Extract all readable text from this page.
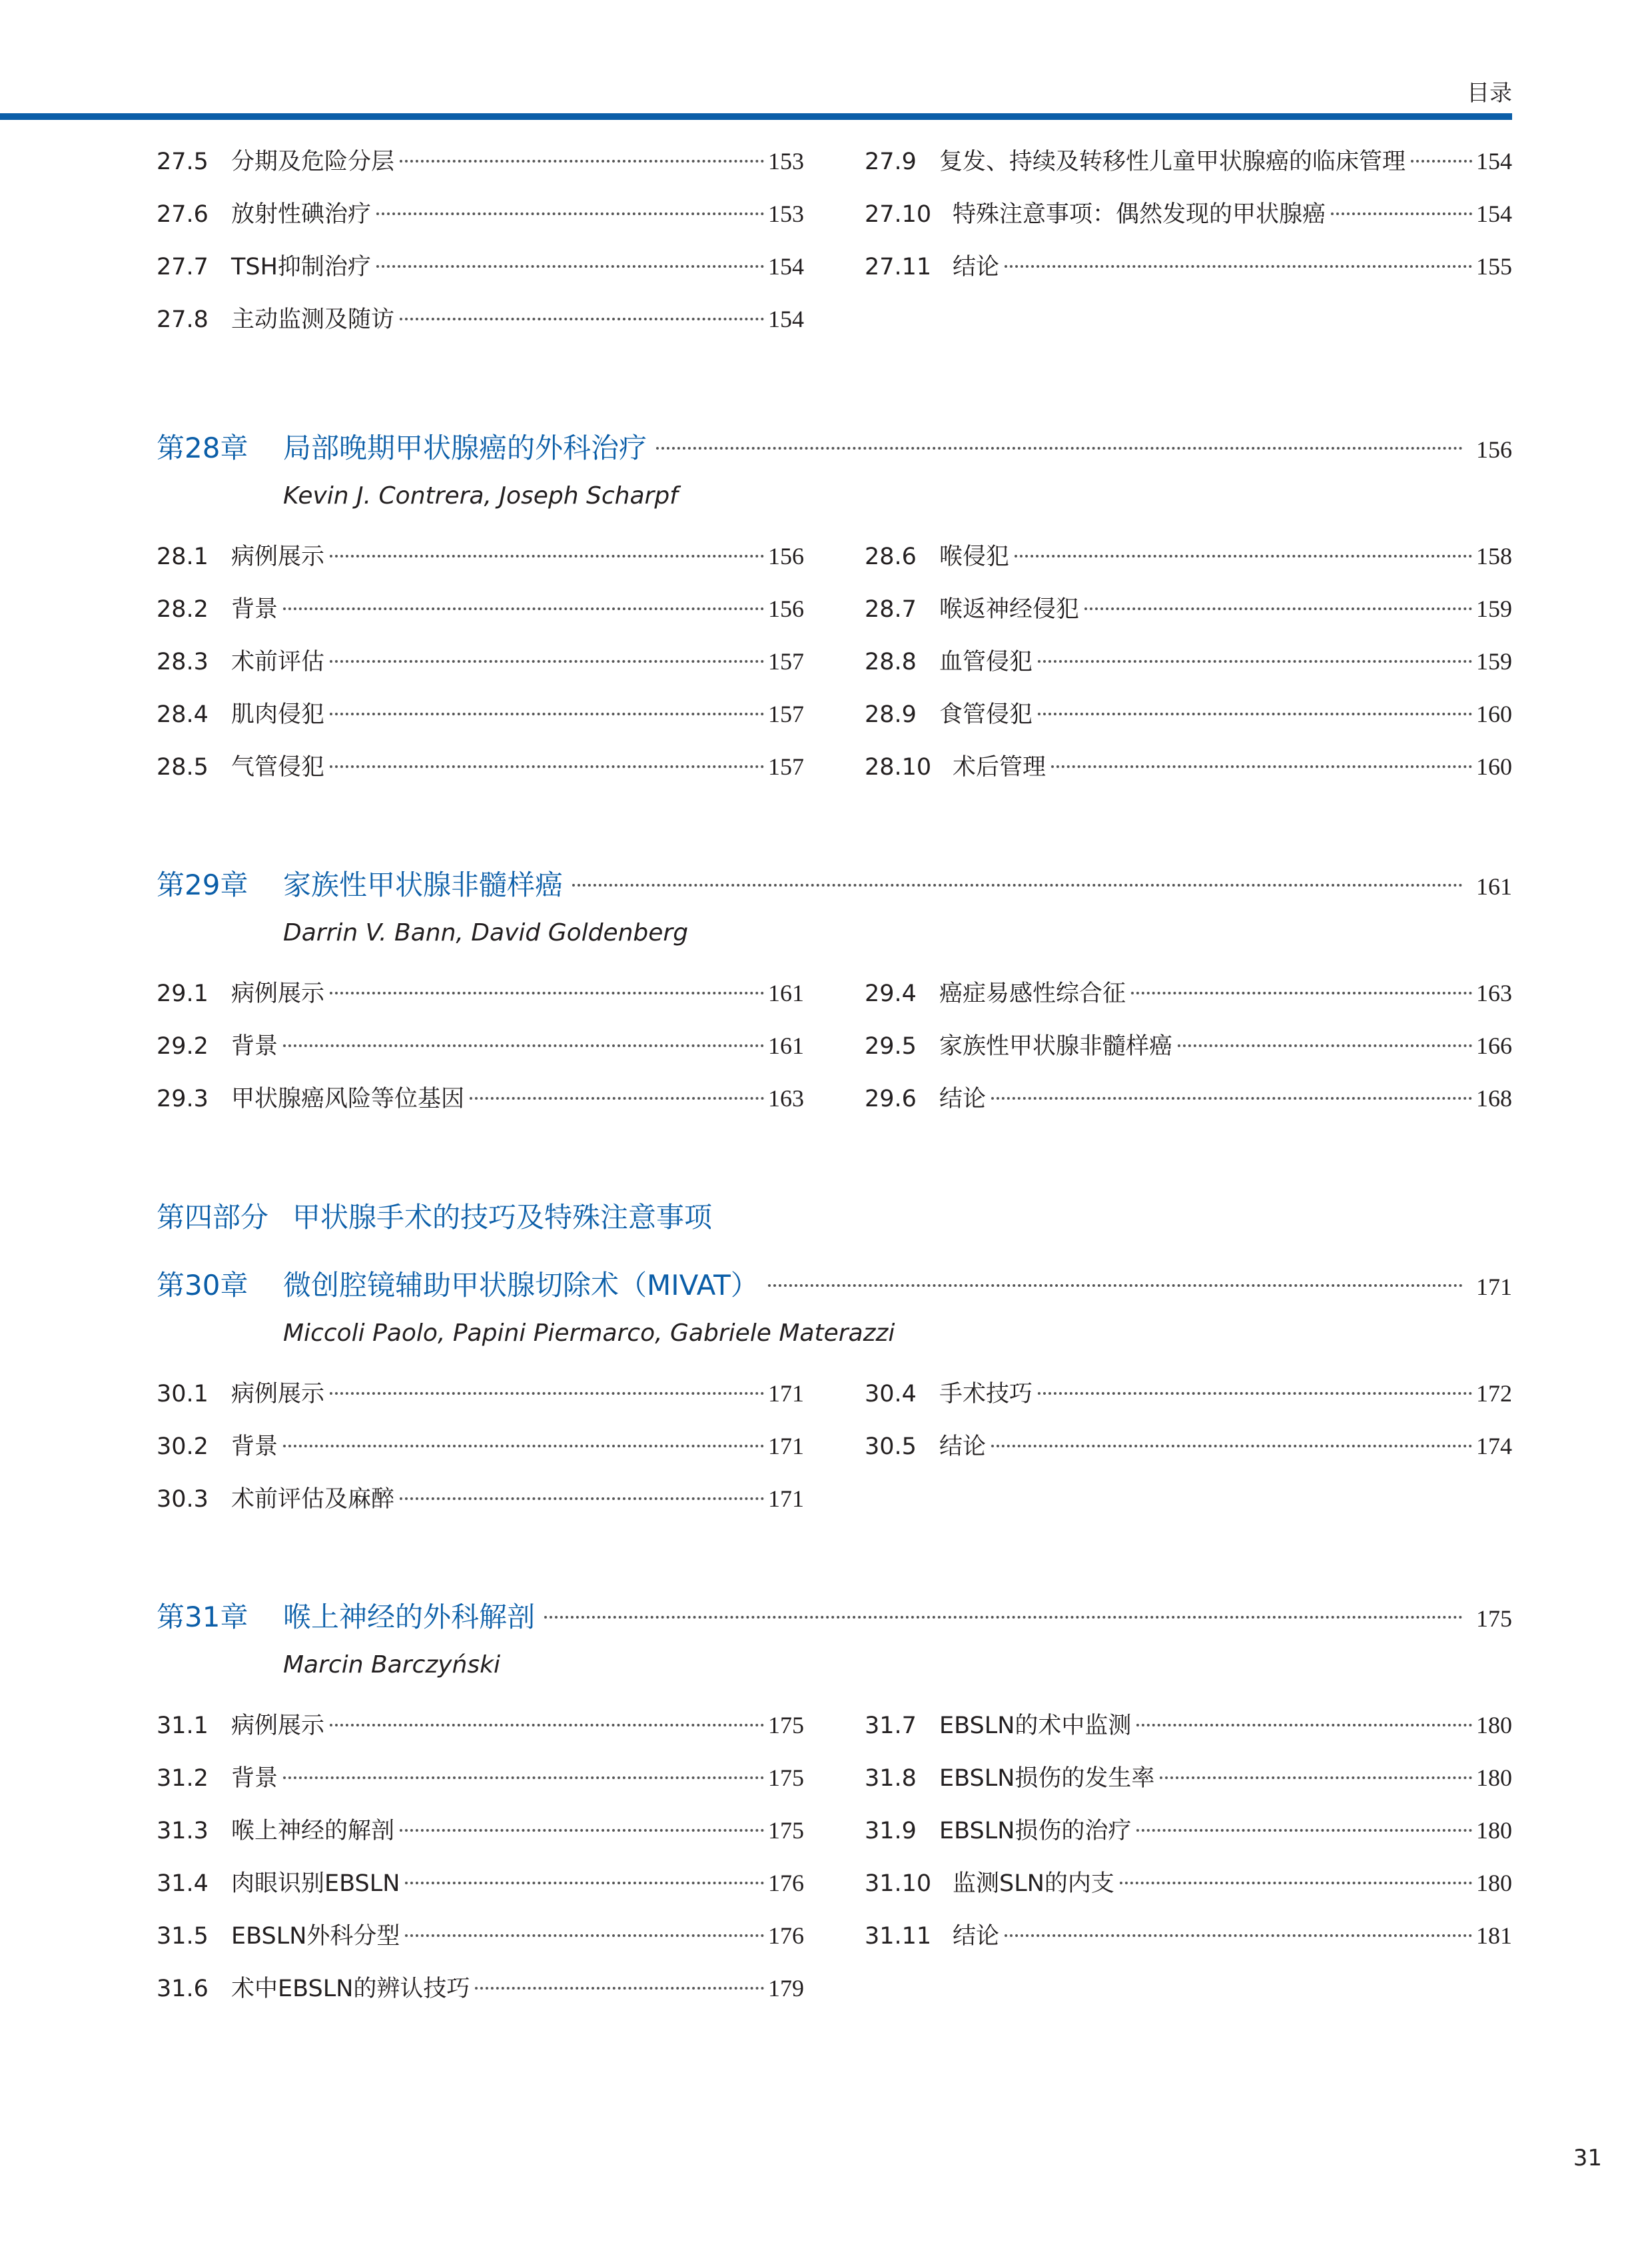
目录
27.5 分期及危险分层	153
27.6 放射性碘治疗	153
27.7 TSH抑制治疗	154
27.8 主动监测及随访	154
27.9 复发、持续及转移性儿童甲状腺癌的临床管理	154
27.10 特殊注意事项：偶然发现的甲状腺癌	154
27.11 结论	155
第28章	局部晚期甲状腺癌的外科治疗	156
Kevin J. Contrera, Joseph Scharpf
28.1 病例展示	156
28.2 背景	156
28.3 术前评估	157
28.4 肌肉侵犯	157
28.5 气管侵犯	157
28.6 喉侵犯	158
28.7 喉返神经侵犯	159
28.8 血管侵犯	159
28.9 食管侵犯	160
28.10 术后管理	160
第29章	家族性甲状腺非髓样癌	161
Darrin V. Bann, David Goldenberg
29.1 病例展示	161
29.2 背景	161
29.3 甲状腺癌风险等位基因	163
29.4 癌症易感性综合征	163
29.5 家族性甲状腺非髓样癌	166
29.6 结论	168
第四部分 甲状腺手术的技巧及特殊注意事项
第30章	微创腔镜辅助甲状腺切除术（MIVAT）	171
Miccoli Paolo, Papini Piermarco, Gabriele Materazzi
30.1 病例展示	171
30.2 背景	171
30.3 术前评估及麻醉	171
30.4 手术技巧	172
30.5 结论	174
第31章	喉上神经的外科解剖	175
Marcin Barczyński
31.1 病例展示	175
31.2 背景	175
31.3 喉上神经的解剖	175
31.4 肉眼识别EBSLN	176
31.5 EBSLN外科分型	176
31.6 术中EBSLN的辨认技巧	179
31.7 EBSLN的术中监测	180
31.8 EBSLN损伤的发生率	180
31.9 EBSLN损伤的治疗	180
31.10 监测SLN的内支	180
31.11 结论	181
31
